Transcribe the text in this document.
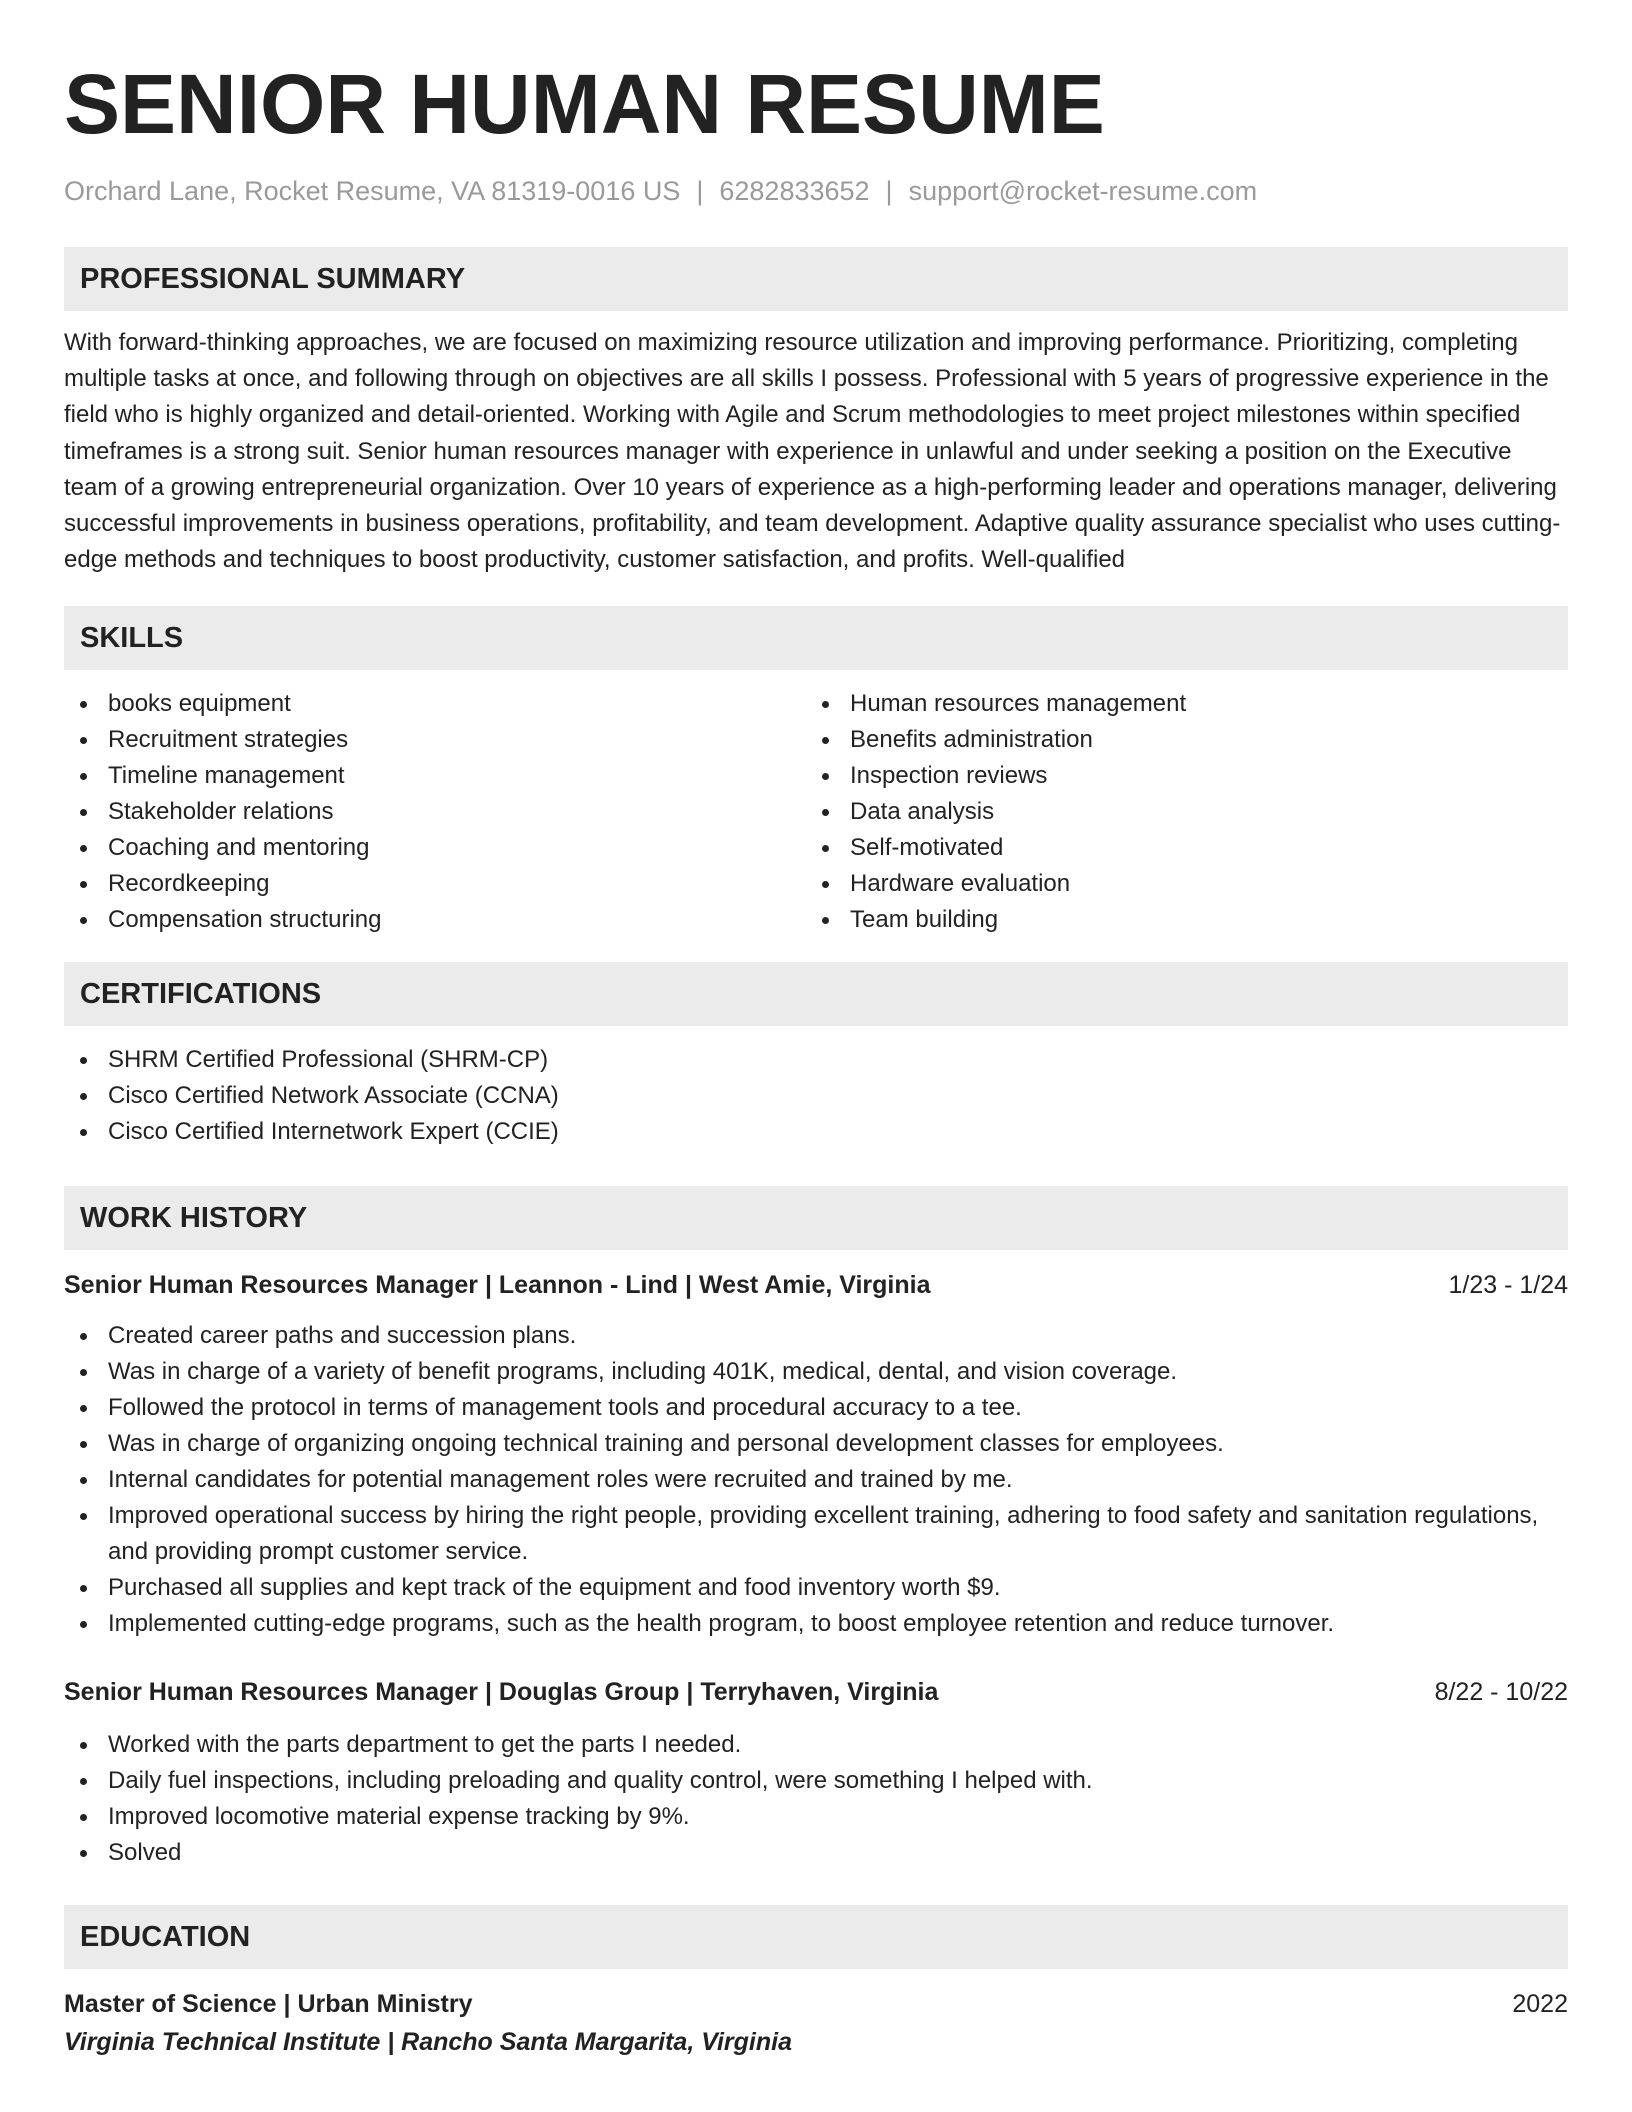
SENIOR HUMAN RESUME
Orchard Lane, Rocket Resume, VA 81319-0016 US | 6282833652 | support@rocket-resume.com
PROFESSIONAL SUMMARY

With forward-thinking approaches, we are focused on maximizing resource utilization and improving performance. Prioritizing, completing multiple tasks at once, and following through on objectives are all skills I possess. Professional with 5 years of progressive experience in the field who is highly organized and detail-oriented. Working with Agile and Scrum methodologies to meet project milestones within specified timeframes is a strong suit. Senior human resources manager with experience in unlawful and under seeking a position on the Executive team of a growing entrepreneurial organization. Over 10 years of experience as a high-performing leader and operations manager, delivering successful improvements in business operations, profitability, and team development. Adaptive quality assurance specialist who uses cutting-edge methods and techniques to boost productivity, customer satisfaction, and profits. Well-qualified

SKILLS
books equipment
Recruitment strategies
Timeline management
Stakeholder relations
Coaching and mentoring
Recordkeeping
Compensation structuring
Human resources management
Benefits administration
Inspection reviews
Data analysis
Self-motivated
Hardware evaluation
Team building
CERTIFICATIONS
SHRM Certified Professional (SHRM-CP)
Cisco Certified Network Associate (CCNA)
Cisco Certified Internetwork Expert (CCIE)
WORK HISTORY
Senior Human Resources Manager | Leannon - Lind | West Amie, Virginia	1/23 - 1/24
Created career paths and succession plans.
Was in charge of a variety of benefit programs, including 401K, medical, dental, and vision coverage.
Followed the protocol in terms of management tools and procedural accuracy to a tee.
Was in charge of organizing ongoing technical training and personal development classes for employees.
Internal candidates for potential management roles were recruited and trained by me.
Improved operational success by hiring the right people, providing excellent training, adhering to food safety and sanitation regulations, and providing prompt customer service.
Purchased all supplies and kept track of the equipment and food inventory worth $9.
Implemented cutting-edge programs, such as the health program, to boost employee retention and reduce turnover.
Senior Human Resources Manager | Douglas Group | Terryhaven, Virginia	8/22 - 10/22
Worked with the parts department to get the parts I needed.
Daily fuel inspections, including preloading and quality control, were something I helped with.
Improved locomotive material expense tracking by 9%.
Solved
EDUCATION
Master of Science | Urban Ministry	2022
Virginia Technical Institute | Rancho Santa Margarita, Virginia
